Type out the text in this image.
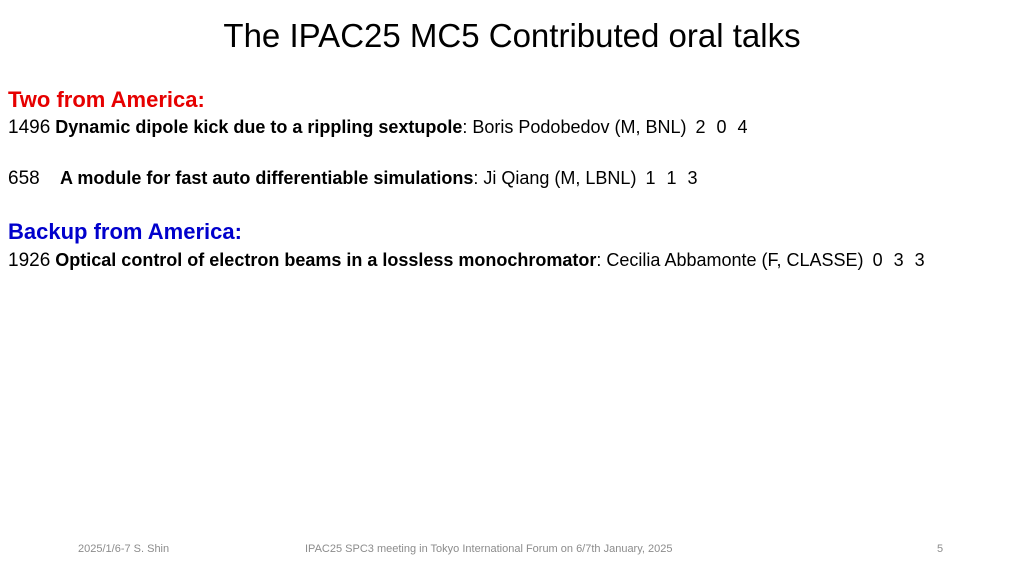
The IPAC25 MC5 Contributed oral talks
Two from America:
1496 Dynamic dipole kick due to a rippling sextupole: Boris Podobedov (M, BNL) 2 0 4
658 A module for fast auto differentiable simulations: Ji Qiang (M, LBNL) 1 1 3
Backup from America:
1926 Optical control of electron beams in a lossless monochromator: Cecilia Abbamonte (F, CLASSE) 0 3 3
2025/1/6-7 S. Shin	IPAC25 SPC3 meeting in Tokyo International Forum on 6/7th January, 2025	5
